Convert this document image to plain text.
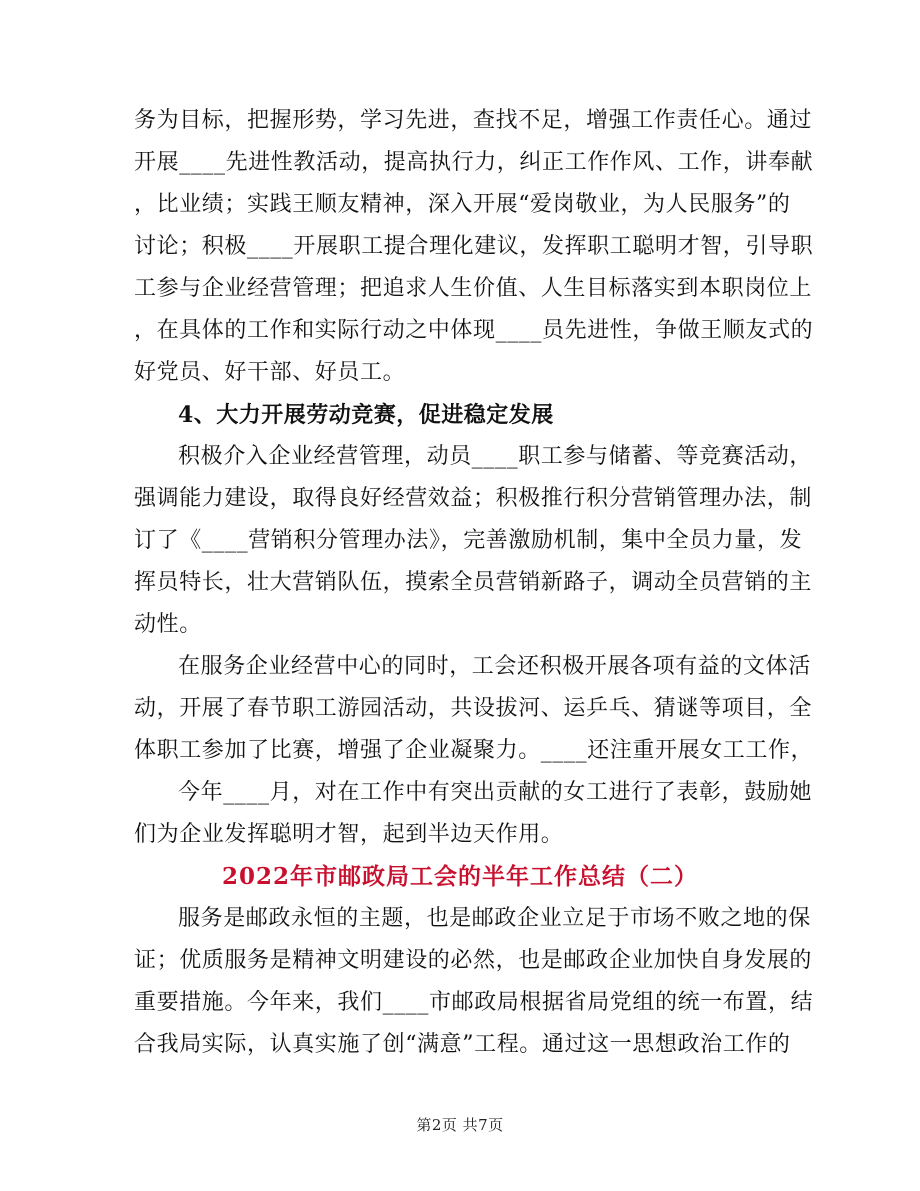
务为目标，把握形势，学习先进，查找不足，增强工作责任心。通过
开展____先进性教活动，提高执行力，纠正工作作风、工作，讲奉献
，比业绩；实践王顺友精神，深入开展“爱岗敬业，为人民服务”的
讨论；积极____开展职工提合理化建议，发挥职工聪明才智，引导职
工参与企业经营管理；把追求人生价值、人生目标落实到本职岗位上
，在具体的工作和实际行动之中体现____员先进性，争做王顺友式的
好党员、好干部、好员工。
4、大力开展劳动竞赛，促进稳定发展
积极介入企业经营管理，动员____职工参与储蓄、等竞赛活动，
强调能力建设，取得良好经营效益；积极推行积分营销管理办法，制
订了《____营销积分管理办法》，完善激励机制，集中全员力量，发
挥员特长，壮大营销队伍，摸索全员营销新路子，调动全员营销的主
动性。
在服务企业经营中心的同时，工会还积极开展各项有益的文体活
动，开展了春节职工游园活动，共设拔河、运乒乓、猜谜等项目，全
体职工参加了比赛，增强了企业凝聚力。____还注重开展女工工作，
今年____月，对在工作中有突出贡献的女工进行了表彰，鼓励她
们为企业发挥聪明才智，起到半边天作用。
2022年市邮政局工会的半年工作总结（二）
服务是邮政永恒的主题，也是邮政企业立足于市场不败之地的保
证；优质服务是精神文明建设的必然，也是邮政企业加快自身发展的
重要措施。今年来，我们____市邮政局根据省局党组的统一布置，结
合我局实际，认真实施了创“满意”工程。通过这一思想政治工作的
第2页 共7页
